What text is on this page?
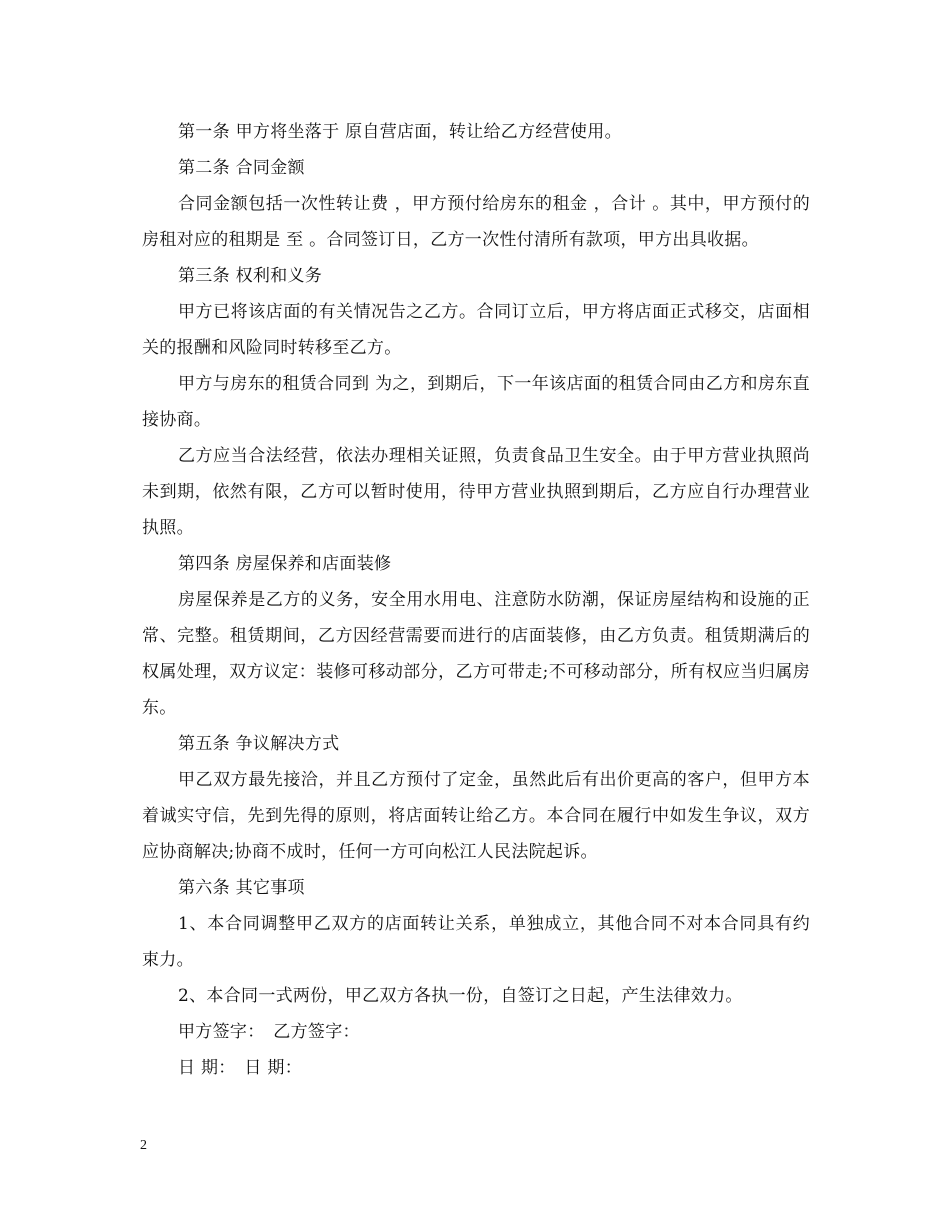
第一条 甲方将坐落于 原自营店面，转让给乙方经营使用。

第二条 合同金额

合同金额包括一次性转让费 ，甲方预付给房东的租金 ，合计 。其中，甲方预付的房租对应的租期是 至 。合同签订日，乙方一次性付清所有款项，甲方出具收据。

第三条 权利和义务

甲方已将该店面的有关情况告之乙方。合同订立后，甲方将店面正式移交，店面相关的报酬和风险同时转移至乙方。

甲方与房东的租赁合同到 为之，到期后，下一年该店面的租赁合同由乙方和房东直接协商。

乙方应当合法经营，依法办理相关证照，负责食品卫生安全。由于甲方营业执照尚未到期，依然有限，乙方可以暂时使用，待甲方营业执照到期后，乙方应自行办理营业执照。

第四条 房屋保养和店面装修

房屋保养是乙方的义务，安全用水用电、注意防水防潮，保证房屋结构和设施的正常、完整。租赁期间，乙方因经营需要而进行的店面装修，由乙方负责。租赁期满后的权属处理，双方议定：装修可移动部分，乙方可带走;不可移动部分，所有权应当归属房东。

第五条 争议解决方式

甲乙双方最先接洽，并且乙方预付了定金，虽然此后有出价更高的客户，但甲方本着诚实守信，先到先得的原则，将店面转让给乙方。本合同在履行中如发生争议，双方应协商解决;协商不成时，任何一方可向松江人民法院起诉。

第六条 其它事项

1、本合同调整甲乙双方的店面转让关系，单独成立，其他合同不对本合同具有约束力。

2、本合同一式两份，甲乙双方各执一份，自签订之日起，产生法律效力。

甲方签字：　乙方签字：

日 期：　日 期：

2
